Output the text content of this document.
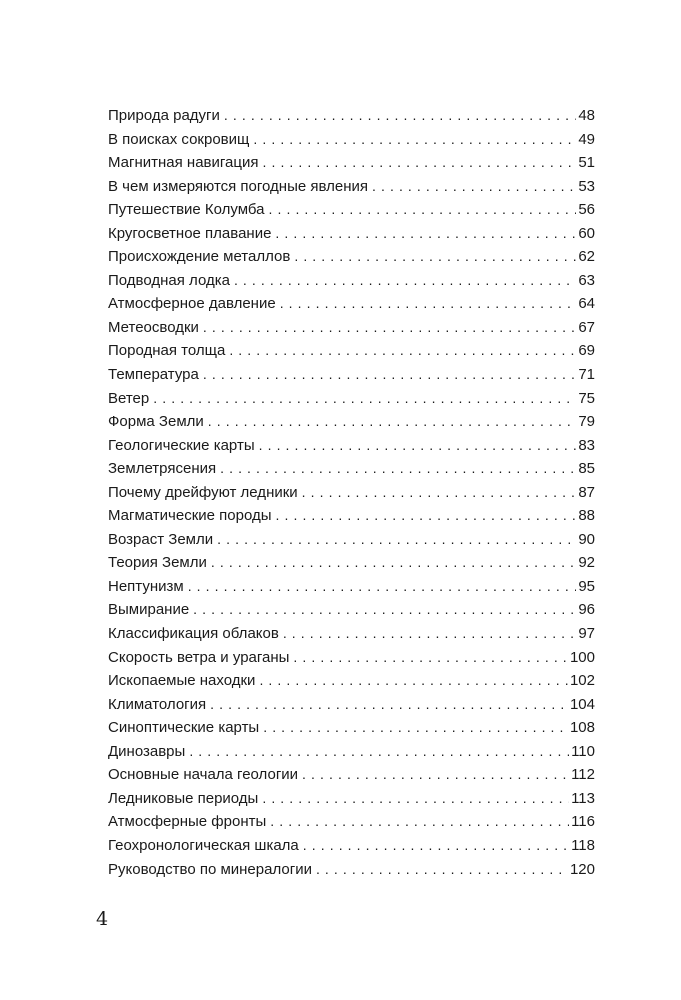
Природа радуги . . .	48
В поисках сокровищ . . .	49
Магнитная навигация . . .	51
В чем измеряются погодные явления . . .	53
Путешествие Колумба . . .	56
Кругосветное плавание . . .	60
Происхождение металлов . . .	62
Подводная лодка . . .	63
Атмосферное давление . . .	64
Метеосводки . . .	67
Породная толща . . .	69
Температура . . .	71
Ветер . . .	75
Форма Земли . . .	79
Геологические карты . . .	83
Землетрясения . . .	85
Почему дрейфуют ледники . . .	87
Магматические породы . . .	88
Возраст Земли . . .	90
Теория Земли . . .	92
Нептунизм . . .	95
Вымирание . . .	96
Классификация облаков . . .	97
Скорость ветра и ураганы . . .	100
Ископаемые находки . . .	102
Климатология . . .	104
Синоптические карты . . .	108
Динозавры . . .	110
Основные начала геологии . . .	112
Ледниковые периоды . . .	113
Атмосферные фронты . . .	116
Геохронологическая шкала . . .	118
Руководство по минералогии . . .	120
4
